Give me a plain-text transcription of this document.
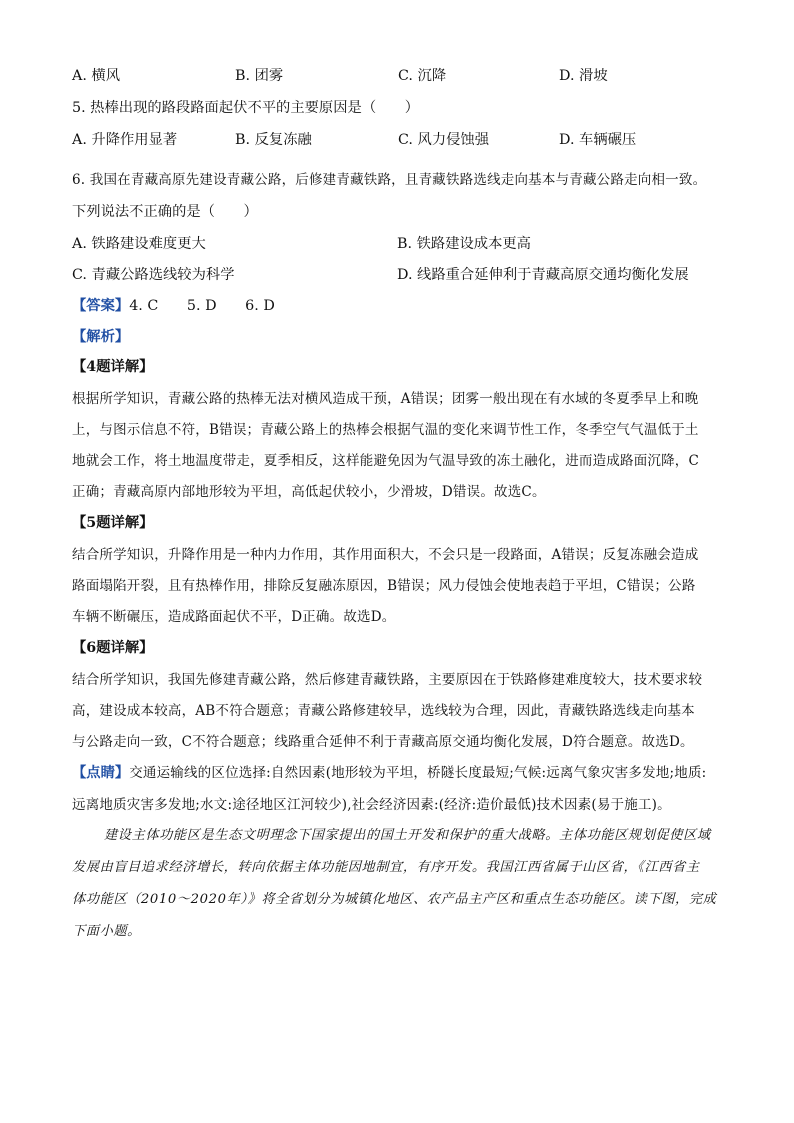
A. 横风	B. 团雾	C. 沉降	D. 滑坡
5. 热棒出现的路段路面起伏不平的主要原因是（　　）
A. 升降作用显著	B. 反复冻融	C. 风力侵蚀强	D. 车辆碾压
6. 我国在青藏高原先建设青藏公路，后修建青藏铁路，且青藏铁路选线走向基本与青藏公路走向相一致。
下列说法不正确的是（　　）
A. 铁路建设难度更大	B. 铁路建设成本更高
C. 青藏公路选线较为科学	D. 线路重合延伸利于青藏高原交通均衡化发展
【答案】4. C　　5. D　　6. D
【解析】
【4题详解】
根据所学知识，青藏公路的热棒无法对横风造成干预，A错误；团雾一般出现在有水域的冬夏季早上和晚
上，与图示信息不符，B错误；青藏公路上的热棒会根据气温的变化来调节性工作，冬季空气气温低于土
地就会工作，将土地温度带走，夏季相反，这样能避免因为气温导致的冻土融化，进而造成路面沉降，C
正确；青藏高原内部地形较为平坦，高低起伏较小，少滑坡，D错误。故选C。
【5题详解】
结合所学知识，升降作用是一种内力作用，其作用面积大，不会只是一段路面，A错误；反复冻融会造成
路面塌陷开裂，且有热棒作用，排除反复融冻原因，B错误；风力侵蚀会使地表趋于平坦，C错误；公路
车辆不断碾压，造成路面起伏不平，D正确。故选D。
【6题详解】
结合所学知识，我国先修建青藏公路，然后修建青藏铁路，主要原因在于铁路修建难度较大，技术要求较
高，建设成本较高，AB不符合题意；青藏公路修建较早，选线较为合理，因此，青藏铁路选线走向基本
与公路走向一致，C不符合题意；线路重合延伸不利于青藏高原交通均衡化发展，D符合题意。故选D。
【点睛】交通运输线的区位选择:自然因素(地形较为平坦，桥隧长度最短;气候:远离气象灾害多发地;地质:
远离地质灾害多发地;水文:途径地区江河较少),社会经济因素:(经济:造价最低)技术因素(易于施工)。
建设主体功能区是生态文明理念下国家提出的国土开发和保护的重大战略。主体功能区规划促使区域
发展由盲目追求经济增长，转向依据主体功能因地制宜，有序开发。我国江西省属于山区省，《江西省主
体功能区（2010～2020年）》将全省划分为城镇化地区、农产品主产区和重点生态功能区。读下图，完成
下面小题。
